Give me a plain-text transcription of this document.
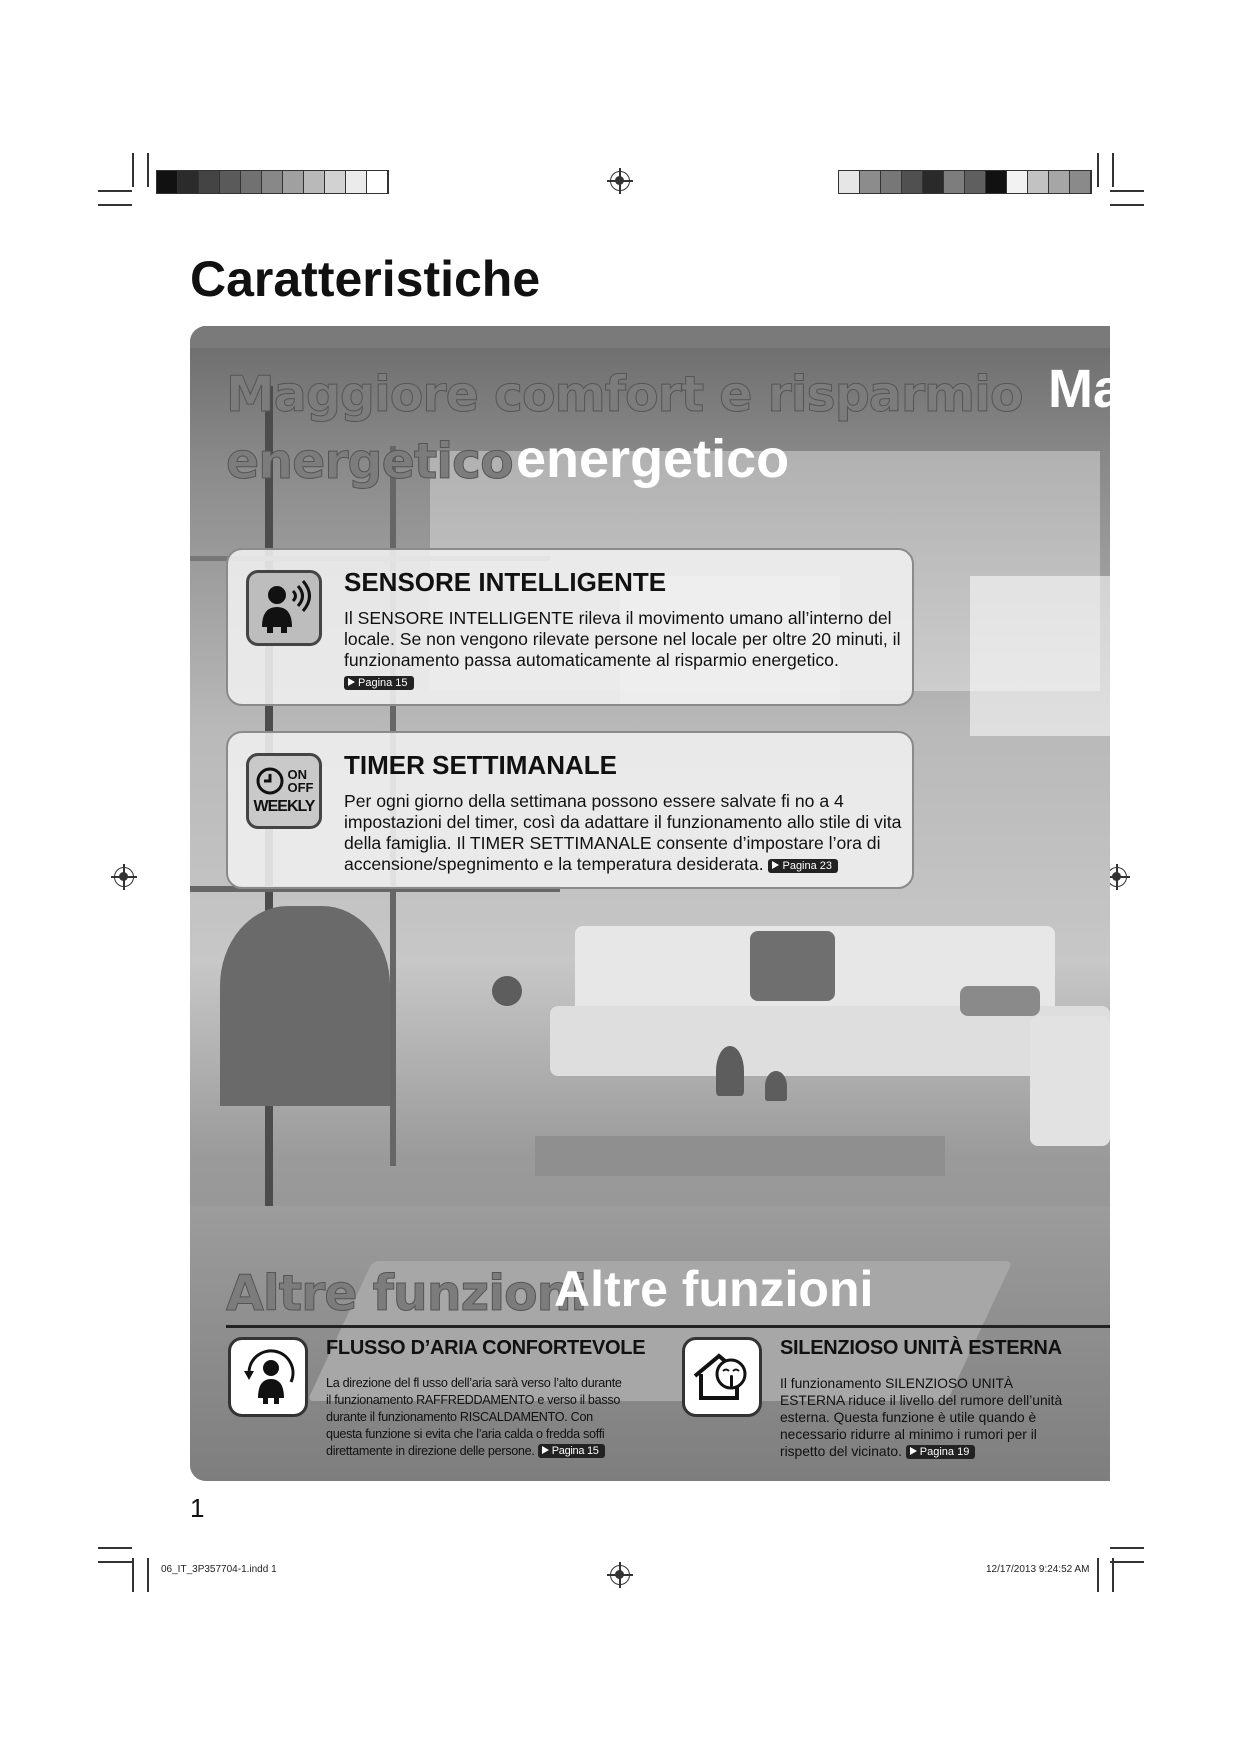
Caratteristiche
Maggiore comfort e risparmio Ma
energetico energetico
SENSORE INTELLIGENTE

Il SENSORE INTELLIGENTE rileva il movimento umano all’interno del locale. Se non vengono rilevate persone nel locale per oltre 20 minuti, il funzionamento passa automaticamente al risparmio energetico. Pagina 15

ON
OFF
WEEKLY
TIMER SETTIMANALE

Per ogni giorno della settimana possono essere salvate fi no a 4 impostazioni del timer, così da adattare il funzionamento allo stile di vita della famiglia. Il TIMER SETTIMANALE consente d’impostare l’ora di accensione/spegnimento e la temperatura desiderata. Pagina 23

Altre funzioni
Altre funzioni
FLUSSO D’ARIA CONFORTEVOLE

La direzione del fl usso dell’aria sarà verso l’alto durante il funzionamento RAFFREDDAMENTO e verso il basso durante il funzionamento RISCALDAMENTO. Con questa funzione si evita che l’aria calda o fredda soffi direttamente in direzione delle persone. Pagina 15

SILENZIOSO UNITÀ ESTERNA

Il funzionamento SILENZIOSO UNITÀ ESTERNA riduce il livello del rumore dell’unità esterna. Questa funzione è utile quando è necessario ridurre al minimo i rumori per il rispetto del vicinato. Pagina 19

1

06_IT_3P357704-1.indd 1	12/17/2013 9:24:52 AM
